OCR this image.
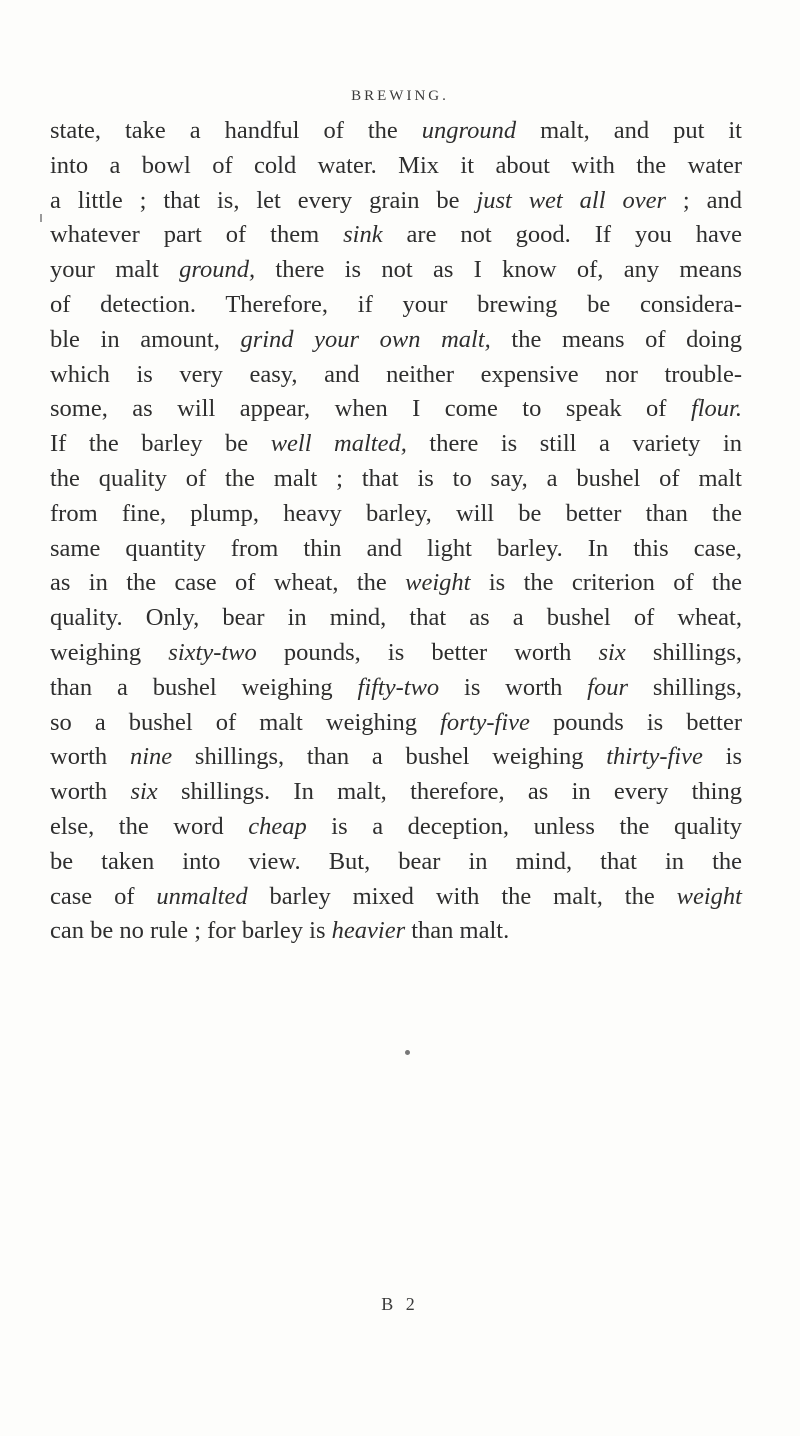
BREWING.
state, take a handful of the unground malt, and put it
into a bowl of cold water. Mix it about with the water
a little ; that is, let every grain be just wet all over ; and
whatever part of them sink are not good. If you have
your malt ground, there is not as I know of, any means
of detection. Therefore, if your brewing be considera-
ble in amount, grind your own malt, the means of doing
which is very easy, and neither expensive nor trouble-
some, as will appear, when I come to speak of flour.
If the barley be well malted, there is still a variety in
the quality of the malt ; that is to say, a bushel of malt
from fine, plump, heavy barley, will be better than the
same quantity from thin and light barley. In this case,
as in the case of wheat, the weight is the criterion of the
quality. Only, bear in mind, that as a bushel of wheat,
weighing sixty-two pounds, is better worth six shillings,
than a bushel weighing fifty-two is worth four shillings,
so a bushel of malt weighing forty-five pounds is better
worth nine shillings, than a bushel weighing thirty-five is
worth six shillings. In malt, therefore, as in every thing
else, the word cheap is a deception, unless the quality
be taken into view. But, bear in mind, that in the
case of unmalted barley mixed with the malt, the weight
can be no rule ; for barley is heavier than malt.
B 2
